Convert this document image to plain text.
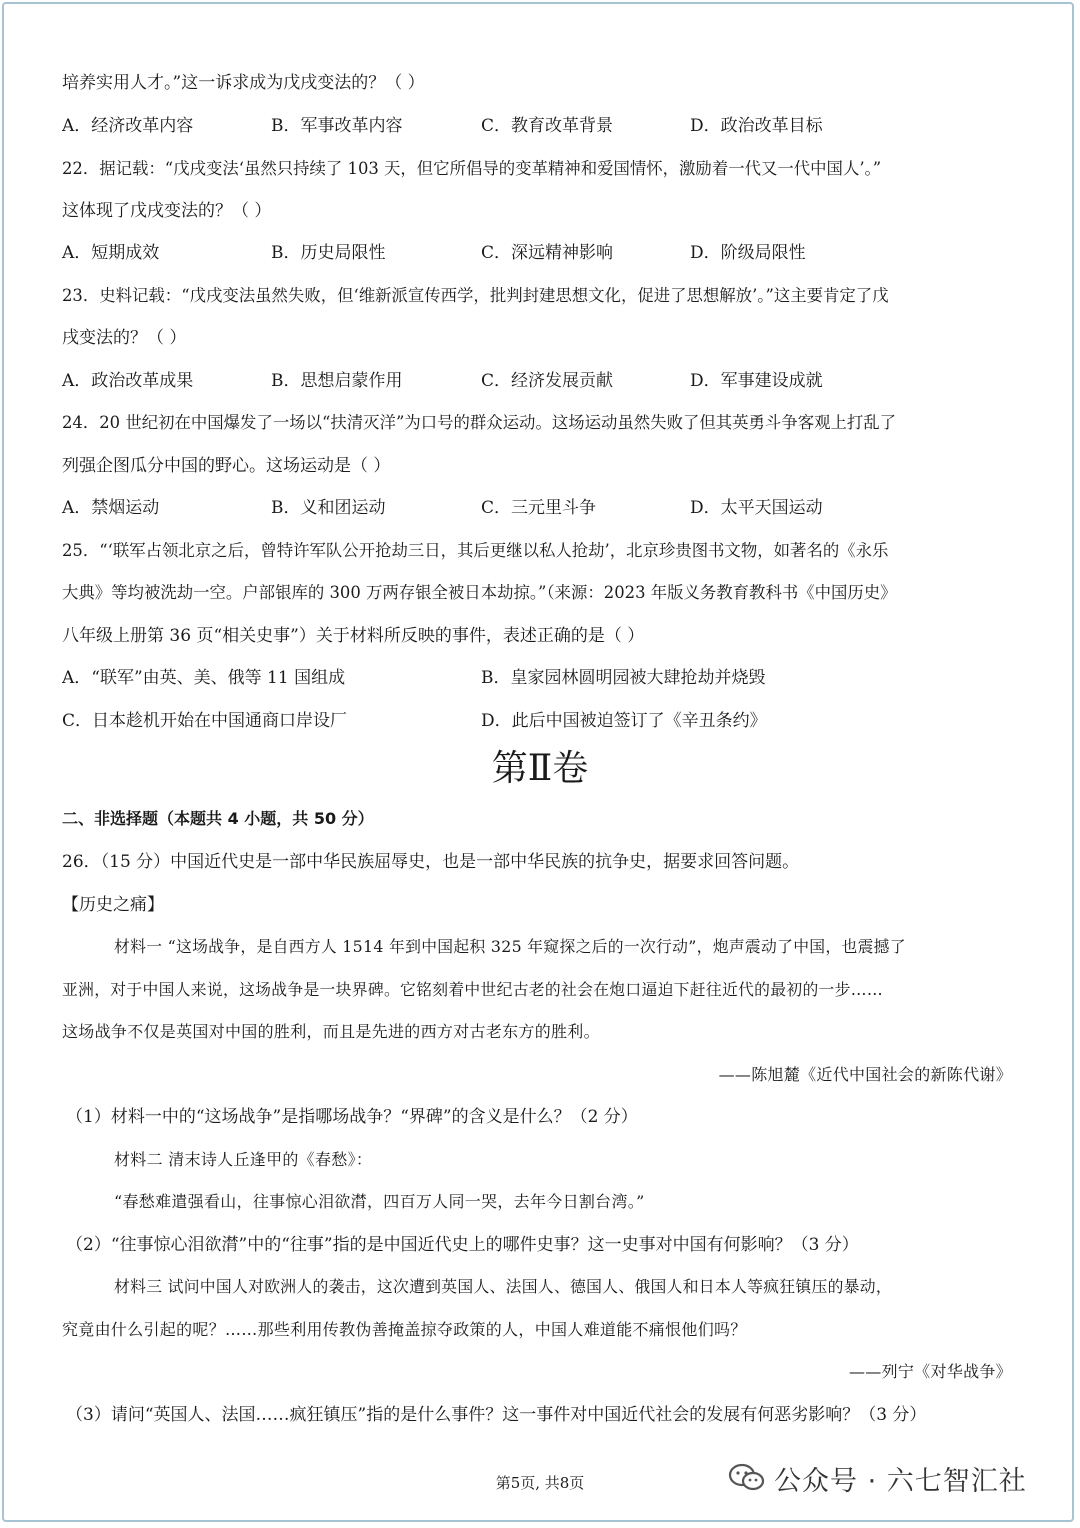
培养实用人才。”这一诉求成为戊戌变法的？（ ）
A．经济改革内容	B．军事改革内容	C．教育改革背景	D．政治改革目标
22．据记载：“戊戌变法‘虽然只持续了 103 天，但它所倡导的变革精神和爱国情怀，激励着一代又一代中国人’。”
这体现了戊戌变法的？（ ）
A．短期成效	B．历史局限性	C．深远精神影响	D．阶级局限性
23．史料记载：“戊戌变法虽然失败，但‘维新派宣传西学，批判封建思想文化，促进了思想解放’。”这主要肯定了戊
戌变法的？（ ）
A．政治改革成果	B．思想启蒙作用	C．经济发展贡献	D．军事建设成就
24．20 世纪初在中国爆发了一场以“扶清灭洋”为口号的群众运动。这场运动虽然失败了但其英勇斗争客观上打乱了
列强企图瓜分中国的野心。这场运动是（ ）
A．禁烟运动	B．义和团运动	C．三元里斗争	D．太平天国运动
25．“‘联军占领北京之后，曾特许军队公开抢劫三日，其后更继以私人抢劫’，北京珍贵图书文物，如著名的《永乐
大典》等均被洗劫一空。户部银库的 300 万两存银全被日本劫掠。”（来源：2023 年版义务教育教科书《中国历史》
八年级上册第 36 页“相关史事”）关于材料所反映的事件，表述正确的是（ ）
A．“联军”由英、美、俄等 11 国组成	B．皇家园林圆明园被大肆抢劫并烧毁
C．日本趁机开始在中国通商口岸设厂	D．此后中国被迫签订了《辛丑条约》
第Ⅱ卷
二、非选择题（本题共 4 小题，共 50 分）
26．（15 分）中国近代史是一部中华民族屈辱史，也是一部中华民族的抗争史，据要求回答问题。
【历史之痛】
材料一 “这场战争，是自西方人 1514 年到中国起积 325 年窥探之后的一次行动”，炮声震动了中国，也震撼了
亚洲，对于中国人来说，这场战争是一块界碑。它铭刻着中世纪古老的社会在炮口逼迫下赶往近代的最初的一步……
这场战争不仅是英国对中国的胜利，而且是先进的西方对古老东方的胜利。
——陈旭麓《近代中国社会的新陈代谢》
（1）材料一中的“这场战争”是指哪场战争？“界碑”的含义是什么？（2 分）
材料二 清末诗人丘逢甲的《春愁》：
“春愁难遣强看山，往事惊心泪欲潸，四百万人同一哭，去年今日割台湾。”
（2）“往事惊心泪欲潸”中的“往事”指的是中国近代史上的哪件史事？这一史事对中国有何影响？（3 分）
材料三 试问中国人对欧洲人的袭击，这次遭到英国人、法国人、德国人、俄国人和日本人等疯狂镇压的暴动，
究竟由什么引起的呢？……那些利用传教伪善掩盖掠夺政策的人，中国人难道能不痛恨他们吗？
——列宁《对华战争》
（3）请问“英国人、法国……疯狂镇压”指的是什么事件？这一事件对中国近代社会的发展有何恶劣影响？（3 分）
第5页, 共8页	公众号 · 六七智汇社
